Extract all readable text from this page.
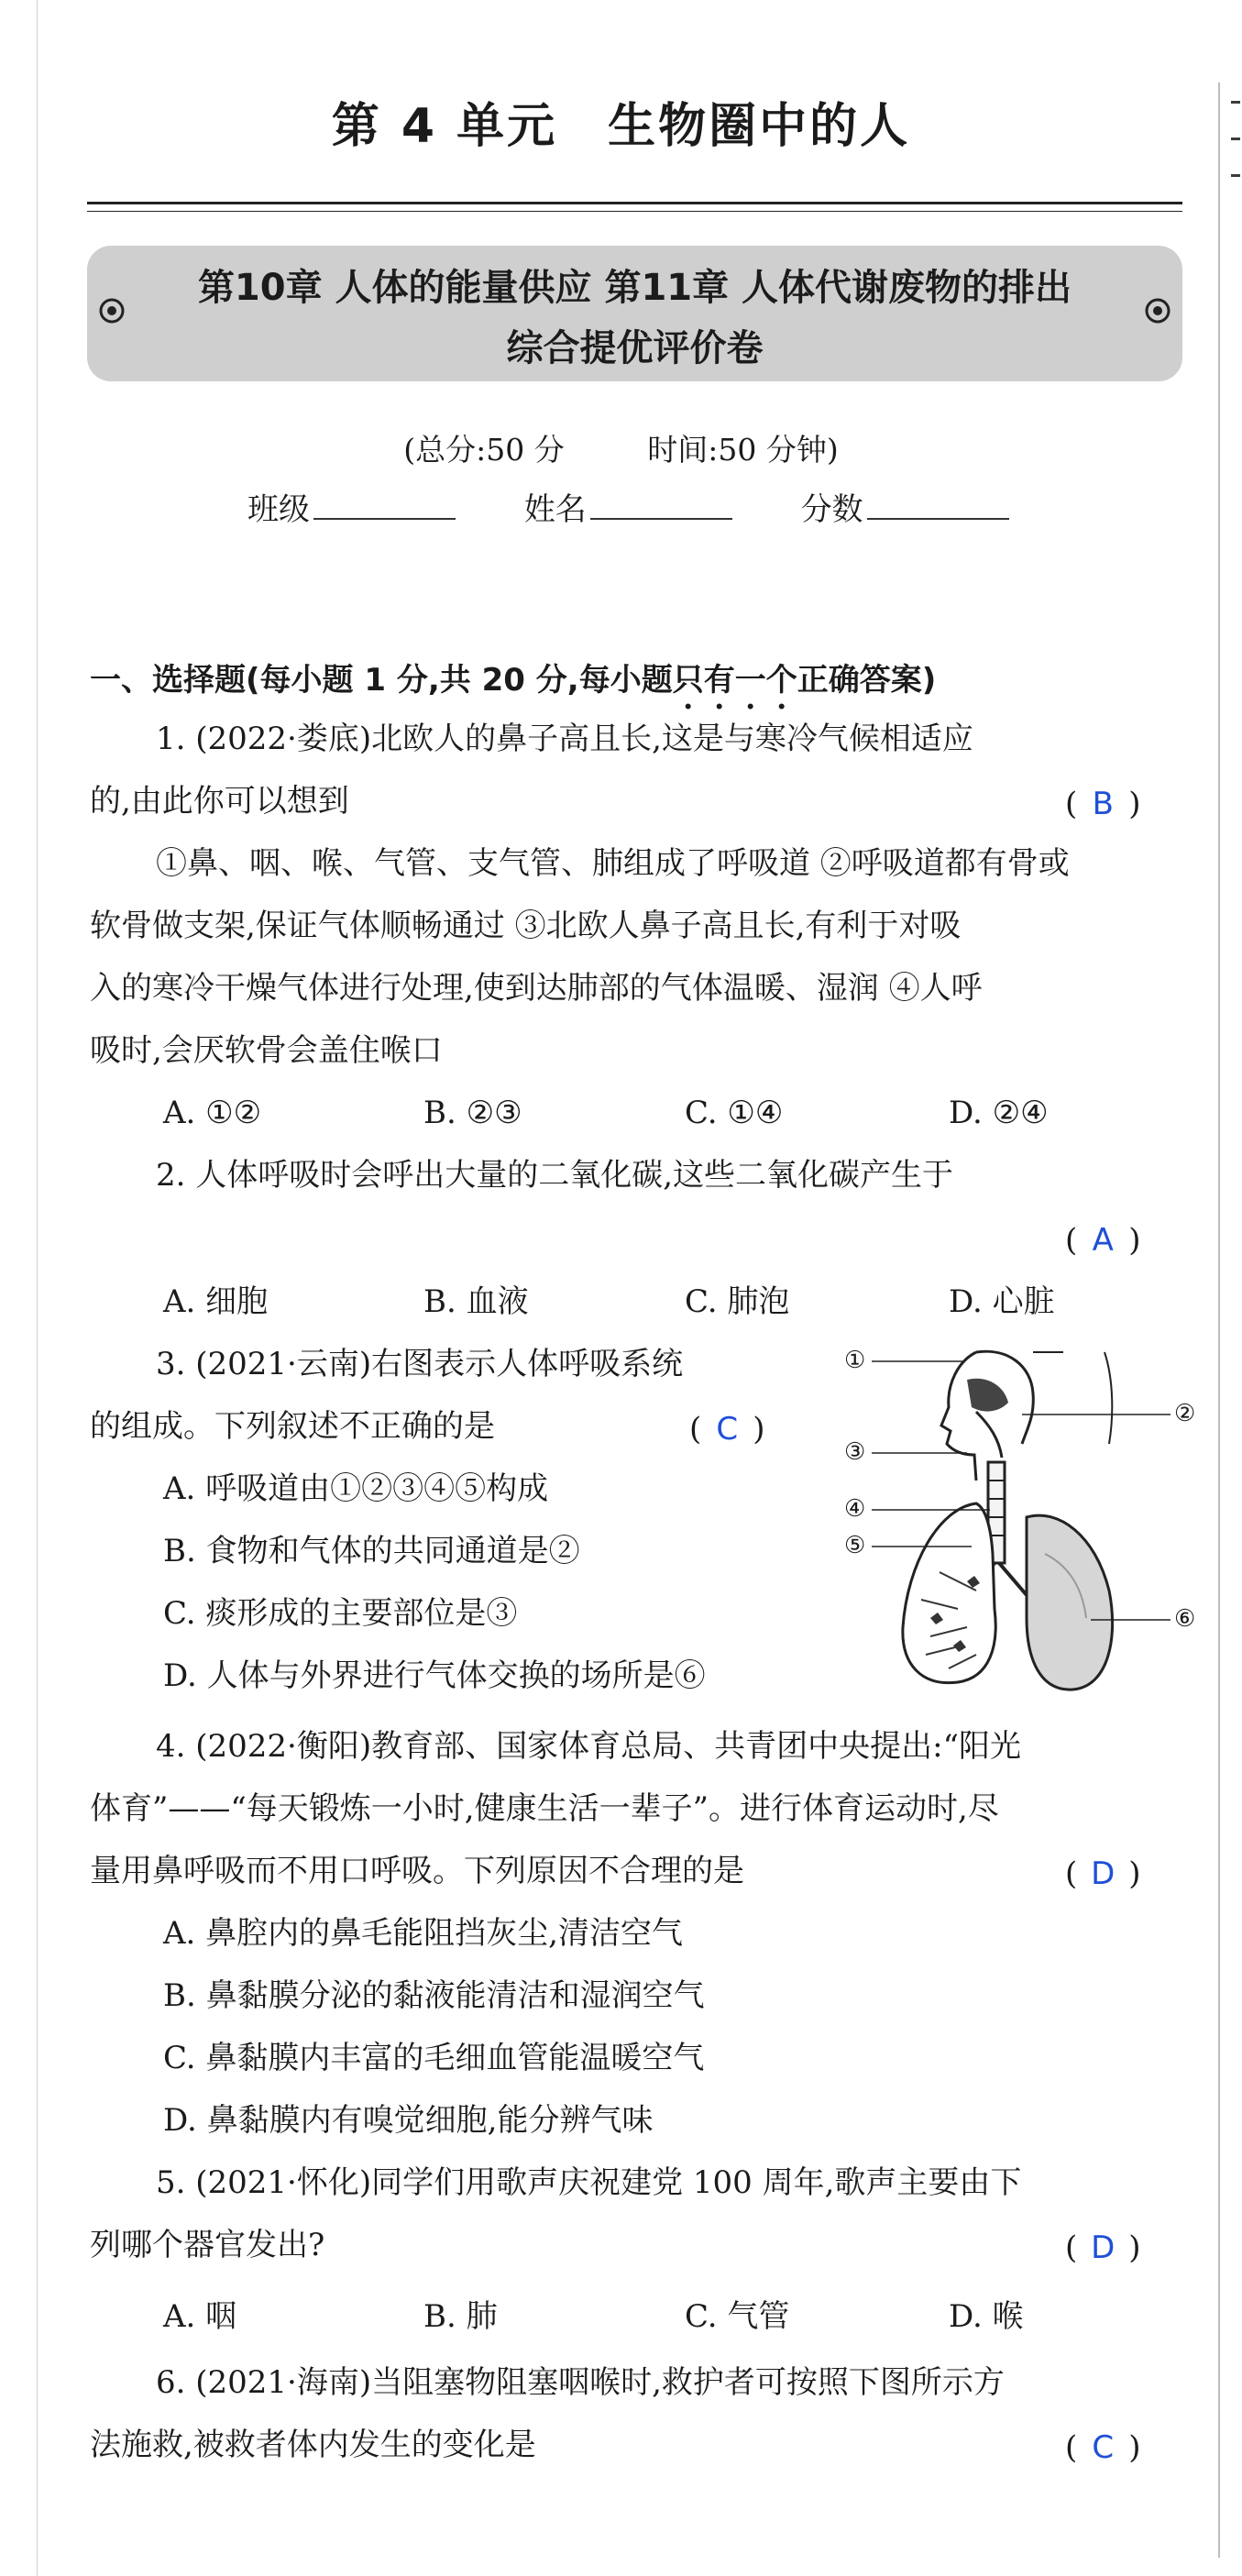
第 4 单元　生物圈中的人
第10章 人体的能量供应 第11章 人体代谢废物的排出
综合提优评价卷
(总分:50 分	时间:50 分钟)
班级	姓名	分数
一、选择题(每小题 1 分,共 20 分,每小题只有一个正确答案)
1. (2022·娄底)北欧人的鼻子高且长,这是与寒冷气候相适应
的,由此你可以想到	( B )
①鼻、咽、喉、气管、支气管、肺组成了呼吸道 ②呼吸道都有骨或
软骨做支架,保证气体顺畅通过 ③北欧人鼻子高且长,有利于对吸
入的寒冷干燥气体进行处理,使到达肺部的气体温暖、湿润 ④人呼
吸时,会厌软骨会盖住喉口
A. ①②	B. ②③	C. ①④	D. ②④
2. 人体呼吸时会呼出大量的二氧化碳,这些二氧化碳产生于
( A )
A. 细胞	B. 血液	C. 肺泡	D. 心脏
3. (2021·云南)右图表示人体呼吸系统
的组成。下列叙述不正确的是	( C )
A. 呼吸道由①②③④⑤构成
B. 食物和气体的共同通道是②
C. 痰形成的主要部位是③
D. 人体与外界进行气体交换的场所是⑥
①
②
③
④
⑤
⑥
4. (2022·衡阳)教育部、国家体育总局、共青团中央提出:“阳光
体育”——“每天锻炼一小时,健康生活一辈子”。进行体育运动时,尽
量用鼻呼吸而不用口呼吸。下列原因不合理的是	( D )
A. 鼻腔内的鼻毛能阻挡灰尘,清洁空气
B. 鼻黏膜分泌的黏液能清洁和湿润空气
C. 鼻黏膜内丰富的毛细血管能温暖空气
D. 鼻黏膜内有嗅觉细胞,能分辨气味
5. (2021·怀化)同学们用歌声庆祝建党 100 周年,歌声主要由下
列哪个器官发出?	( D )
A. 咽	B. 肺	C. 气管	D. 喉
6. (2021·海南)当阻塞物阻塞咽喉时,救护者可按照下图所示方
法施救,被救者体内发生的变化是	( C )
